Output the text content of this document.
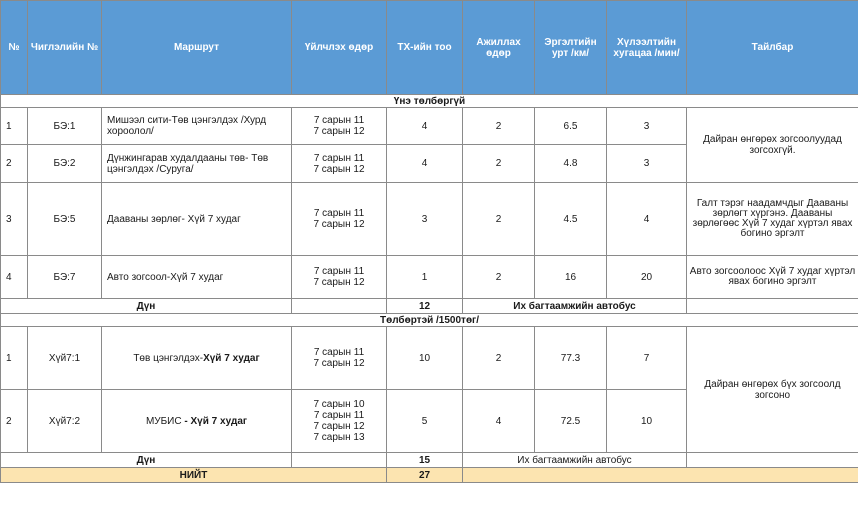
№	Чиглэлийн №	Маршрут	Үйлчлэх өдөр	ТХ-ийн тоо	Ажиллах өдөр	Эргэлтийн урт /км/	Хүлээлтийн хугацаа /мин/	Тайлбар
Үнэ төлбөргүй								
1	БЭ:1	Мишээл сити-Төв цэнгэлдэх /Хурд хороолол/	7 сарын 11
7 сарын 12	4	2	6.5	3	Дайран өнгөрөх зогсоолуудад зогсохгүй.
2	БЭ:2	Дүнжингарав худалдааны төв- Төв цэнгэлдэх /Суруга/	7 сарын 11
7 сарын 12	4	2	4.8	3	
3	БЭ:5	Дааваны зөрлөг- Хүй 7 худаг	7 сарын 11
7 сарын 12	3	2	4.5	4	Галт тэрэг наадамчдыг Дааваны зөрлөгт хүргэнэ. Дааваны зөрлөгөөс Хүй 7 худаг хүртэл явах богино эргэлт
4	БЭ:7	Авто зогсоол-Хүй 7 худаг	7 сарын 11
7 сарын 12	1	2	16	20	Авто зогсоолоос Хүй 7 худаг хүртэл явах богино эргэлт
Дүн				12	Их багтаамжийн автобус			
Төлбөртэй /1500төг/								
1	Хүй7:1	Төв цэнгэлдэх-Хүй 7 худаг	7 сарын 11
7 сарын 12	10	2	77.3	7	Дайран өнгөрөх бүх зогсоолд зогсоно
2	Хүй7:2	МУБИС - Хүй 7 худаг	7 сарын 10
7 сарын 11
7 сарын 12
7 сарын 13	5	4	72.5	10	
Дүн				15	Их багтаамжийн автобус			
НИЙТ				27				
